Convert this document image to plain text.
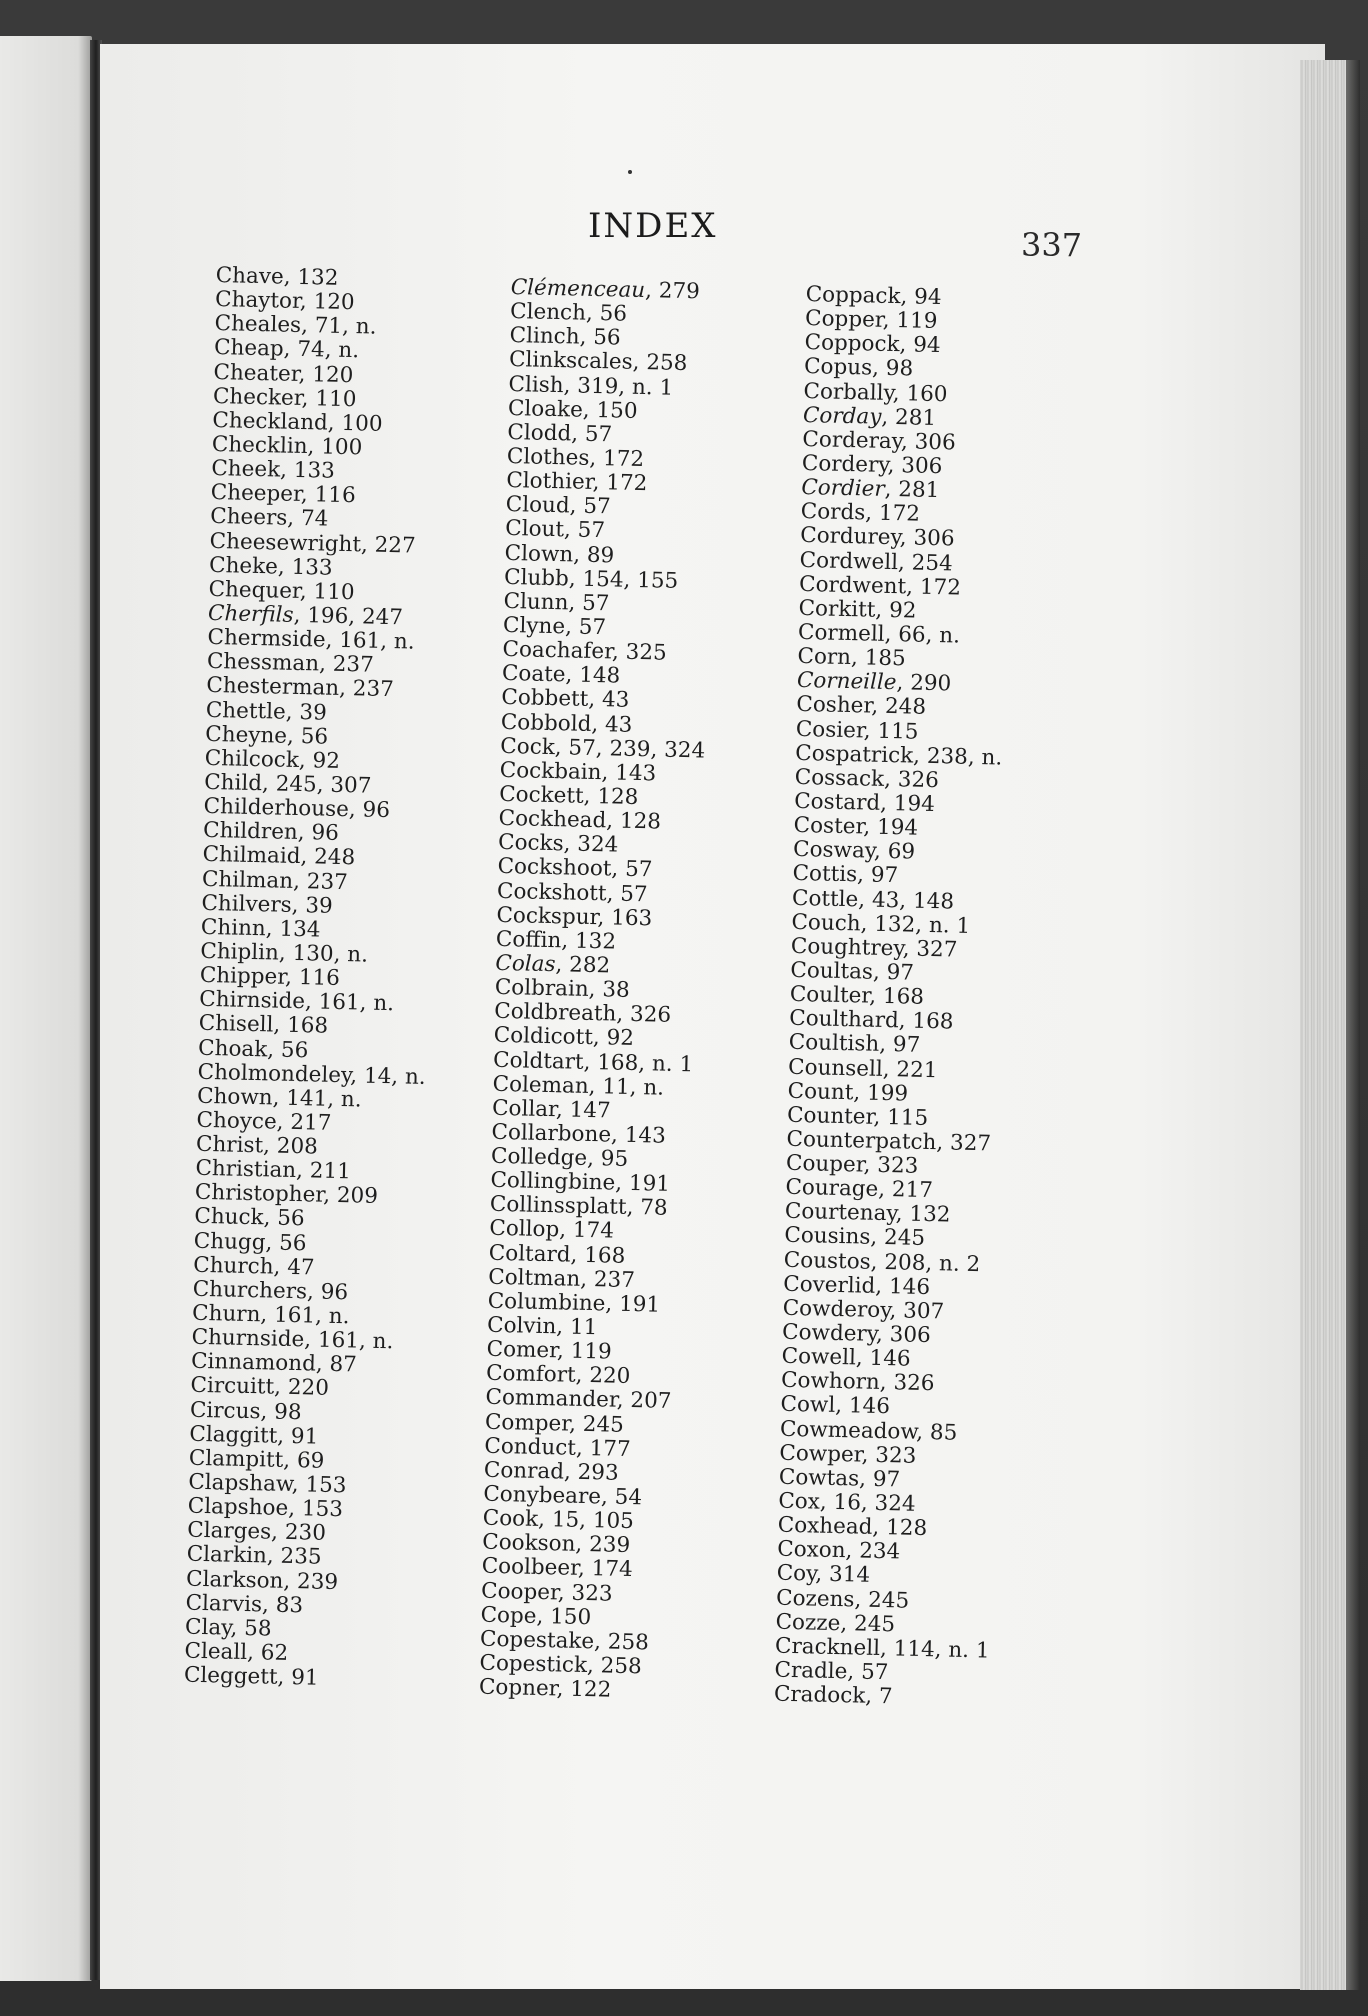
INDEX	337
Chave, 132
Chaytor, 120
Cheales, 71, n.
Cheap, 74, n.
Cheater, 120
Checker, 110
Checkland, 100
Checklin, 100
Cheek, 133
Cheeper, 116
Cheers, 74
Cheesewright, 227
Cheke, 133
Chequer, 110
Cherfils, 196, 247
Chermside, 161, n.
Chessman, 237
Chesterman, 237
Chettle, 39
Cheyne, 56
Chilcock, 92
Child, 245, 307
Childerhouse, 96
Children, 96
Chilmaid, 248
Chilman, 237
Chilvers, 39
Chinn, 134
Chiplin, 130, n.
Chipper, 116
Chirnside, 161, n.
Chisell, 168
Choak, 56
Cholmondeley, 14, n.
Chown, 141, n.
Choyce, 217
Christ, 208
Christian, 211
Christopher, 209
Chuck, 56
Chugg, 56
Church, 47
Churchers, 96
Churn, 161, n.
Churnside, 161, n.
Cinnamond, 87
Circuitt, 220
Circus, 98
Claggitt, 91
Clampitt, 69
Clapshaw, 153
Clapshoe, 153
Clarges, 230
Clarkin, 235
Clarkson, 239
Clarvis, 83
Clay, 58
Cleall, 62
Cleggett, 91
Clémenceau, 279
Clench, 56
Clinch, 56
Clinkscales, 258
Clish, 319, n. 1
Cloake, 150
Clodd, 57
Clothes, 172
Clothier, 172
Cloud, 57
Clout, 57
Clown, 89
Clubb, 154, 155
Clunn, 57
Clyne, 57
Coachafer, 325
Coate, 148
Cobbett, 43
Cobbold, 43
Cock, 57, 239, 324
Cockbain, 143
Cockett, 128
Cockhead, 128
Cocks, 324
Cockshoot, 57
Cockshott, 57
Cockspur, 163
Coffin, 132
Colas, 282
Colbrain, 38
Coldbreath, 326
Coldicott, 92
Coldtart, 168, n. 1
Coleman, 11, n.
Collar, 147
Collarbone, 143
Colledge, 95
Collingbine, 191
Collinssplatt, 78
Collop, 174
Coltard, 168
Coltman, 237
Columbine, 191
Colvin, 11
Comer, 119
Comfort, 220
Commander, 207
Comper, 245
Conduct, 177
Conrad, 293
Conybeare, 54
Cook, 15, 105
Cookson, 239
Coolbeer, 174
Cooper, 323
Cope, 150
Copestake, 258
Copestick, 258
Copner, 122
Coppack, 94
Copper, 119
Coppock, 94
Copus, 98
Corbally, 160
Corday, 281
Corderay, 306
Cordery, 306
Cordier, 281
Cords, 172
Cordurey, 306
Cordwell, 254
Cordwent, 172
Corkitt, 92
Cormell, 66, n.
Corn, 185
Corneille, 290
Cosher, 248
Cosier, 115
Cospatrick, 238, n.
Cossack, 326
Costard, 194
Coster, 194
Cosway, 69
Cottis, 97
Cottle, 43, 148
Couch, 132, n. 1
Coughtrey, 327
Coultas, 97
Coulter, 168
Coulthard, 168
Coultish, 97
Counsell, 221
Count, 199
Counter, 115
Counterpatch, 327
Couper, 323
Courage, 217
Courtenay, 132
Cousins, 245
Coustos, 208, n. 2
Coverlid, 146
Cowderoy, 307
Cowdery, 306
Cowell, 146
Cowhorn, 326
Cowl, 146
Cowmeadow, 85
Cowper, 323
Cowtas, 97
Cox, 16, 324
Coxhead, 128
Coxon, 234
Coy, 314
Cozens, 245
Cozze, 245
Cracknell, 114, n. 1
Cradle, 57
Cradock, 7
